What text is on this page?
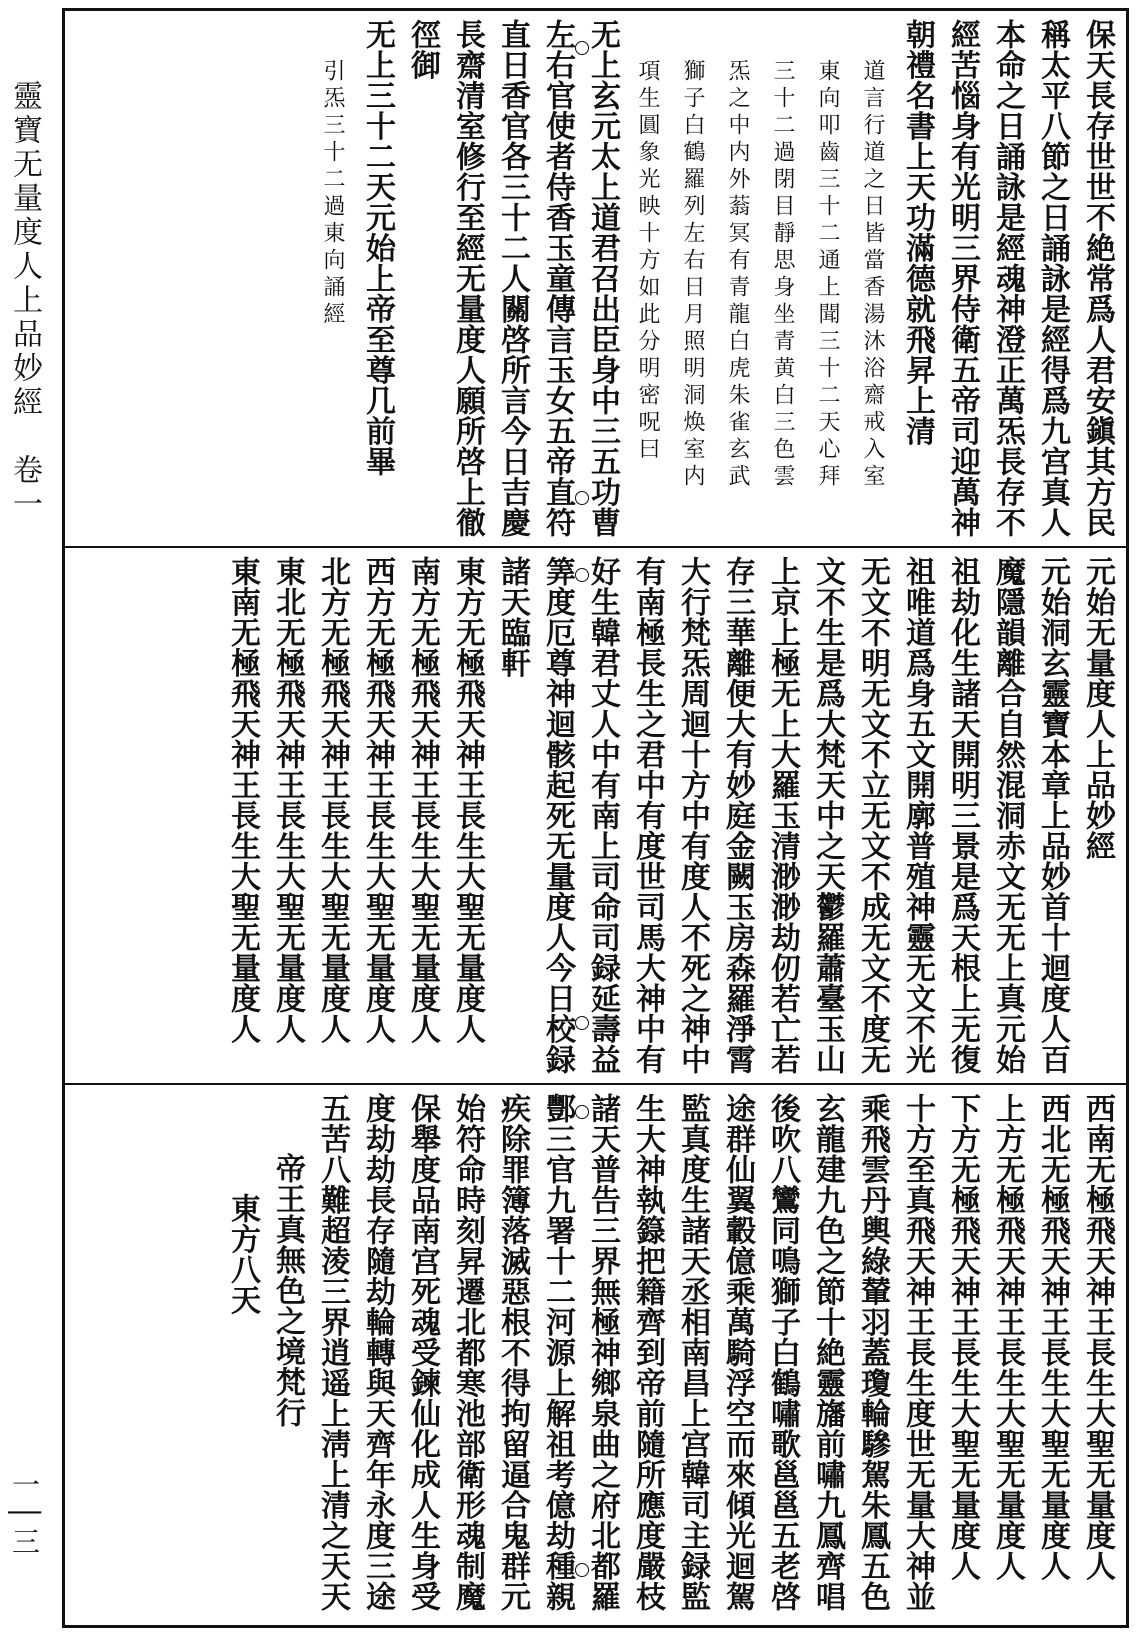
靈寶无量度人上品妙經　卷一
一│三
保天長存世世不絶常爲人君安鎭其方民
稱太平八節之日誦詠是經得爲九宫真人
本命之日誦詠是經魂神澄正萬炁長存不
經苦惱身有光明三界侍衛五帝司迎萬神
朝禮名書上天功滿德就飛昇上清
道言行道之日皆當香湯沐浴齋戒入室
東向叩齒三十二通上聞三十二天心拜
三十二過閉目靜思身坐青黄白三色雲
炁之中内外蓊冥有青龍白虎朱雀玄武
獅子白鶴羅列左右日月照明洞焕室内
項生圓象光映十方如此分明密呪曰
无上玄元太上道君召出臣身中三五功曹
左右官使者侍香玉童傳言玉女五帝直符
直日香官各三十二人關啓所言今日吉慶
長齋清室修行至經无量度人願所啓上徹
徑御
无上三十二天元始上帝至尊几前畢
引炁三十二過東向誦經
元始无量度人上品妙經
元始洞玄靈寶本章上品妙首十迴度人百
魔隱韻離合自然混洞赤文无无上真元始
祖劫化生諸天開明三景是爲天根上无復
祖唯道爲身五文開廓普殖神靈无文不光
无文不明无文不立无文不成无文不度无
文不生是爲大梵天中之天鬱羅蕭臺玉山
上京上極无上大羅玉清渺渺劫仞若亡若
存三華離便大有妙庭金闕玉房森羅淨霄
大行梵炁周迴十方中有度人不死之神中
有南極長生之君中有度世司馬大神中有
好生韓君丈人中有南上司命司録延壽益
筭度厄尊神迴骸起死无量度人今日校録
諸天臨軒
東方无極飛天神王長生大聖无量度人
南方无極飛天神王長生大聖无量度人
西方无極飛天神王長生大聖无量度人
北方无極飛天神王長生大聖无量度人
東北无極飛天神王長生大聖无量度人
東南无極飛天神王長生大聖无量度人
西南无極飛天神王長生大聖无量度人
西北无極飛天神王長生大聖无量度人
上方无極飛天神王長生大聖无量度人
下方无極飛天神王長生大聖无量度人
十方至真飛天神王長生度世无量大神並
乘飛雲丹輿綠輦羽蓋瓊輪驂駕朱鳳五色
玄龍建九色之節十絶靈旛前嘯九鳳齊唱
後吹八鸞同鳴獅子白鶴嘯歌邕邕五老啓
途群仙翼轂億乘萬騎浮空而來傾光迴駕
監真度生諸天丞相南昌上宫韓司主録監
生大神執籙把籍齊到帝前隨所應度嚴枝
諸天普告三界無極神鄉泉曲之府北都羅
酆三官九署十二河源上解祖考億劫種親
疾除罪簿落滅惡根不得拘留逼合鬼群元
始符命時刻昇遷北都寒池部衛形魂制魔
保舉度品南宫死魂受鍊仙化成人生身受
度劫劫長存隨劫輪轉與天齊年永度三途
五苦八難超淩三界逍遥上淸上清之天天
帝王真無色之境梵行
東方八天
